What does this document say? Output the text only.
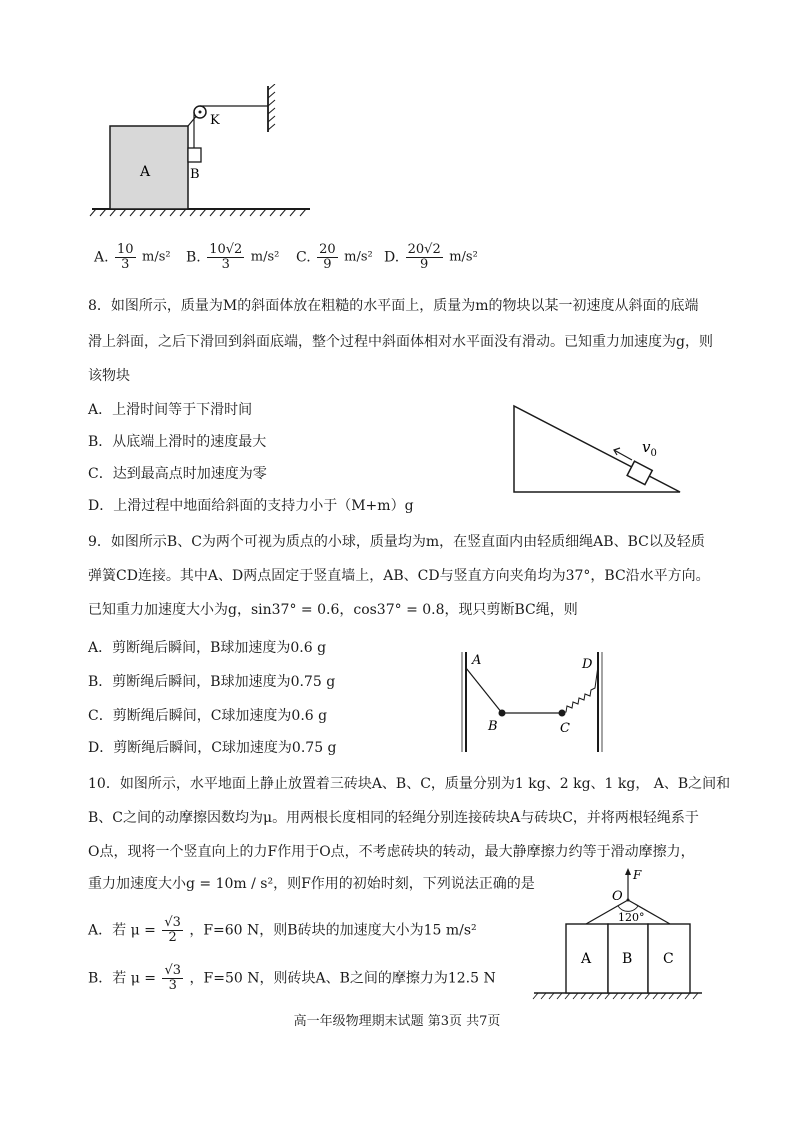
A	B
K
A. $\frac{10}{3} m/s^2$ B. $\frac{10√2}{3} m/s^2$ C. $\frac{20}{9} m/s^2$ D. $\frac{20√2}{9} m/s^2$
8．如图所示，质量为M的斜面体放在粗糙的水平面上，质量为m的物块以某一初速度从斜面的底端
滑上斜面，之后下滑回到斜面底端，整个过程中斜面体相对水平面没有滑动。已知重力加速度为g，则
该物块
A．上滑时间等于下滑时间
B．从底端上滑时的速度最大
C．达到最高点时加速度为零
D．上滑过程中地面给斜面的支持力小于（M+m）g
$v_0$
9．如图所示B、C为两个可视为质点的小球，质量均为m，在竖直面内由轻质细绳AB、BC以及轻质
弹簧CD连接。其中A、D两点固定于竖直墙上，AB、CD与竖直方向夹角均为37°，BC沿水平方向。
已知重力加速度大小为g，sin37° = 0.6，cos37° = 0.8，现只剪断BC绳，则
A．剪断绳后瞬间，B球加速度为0.6 g
B．剪断绳后瞬间，B球加速度为0.75 g
C．剪断绳后瞬间，C球加速度为0.6 g
D．剪断绳后瞬间，C球加速度为0.75 g
A	D
B	C
10．如图所示，水平地面上静止放置着三砖块A、B、C，质量分别为1 kg、2 kg、1 kg， A、B之间和
B、C之间的动摩擦因数均为μ。用两根长度相同的轻绳分别连接砖块A与砖块C，并将两根轻绳系于
O点，现将一个竖直向上的力F作用于O点，不考虑砖块的转动，最大静摩擦力约等于滑动摩擦力，
重力加速度大小g = 10m / s²，则F作用的初始时刻，下列说法正确的是
A．若 $\mu = \frac{√3}{2}$ ，F=60 N，则B砖块的加速度大小为15 m/s²
B．若 $\mu = \frac{√3}{3}$ ，F=50 N，则砖块A、B之间的摩擦力为12.5 N
O
F
120°
A B C
高一年级物理期末试题 第3页 共7页
